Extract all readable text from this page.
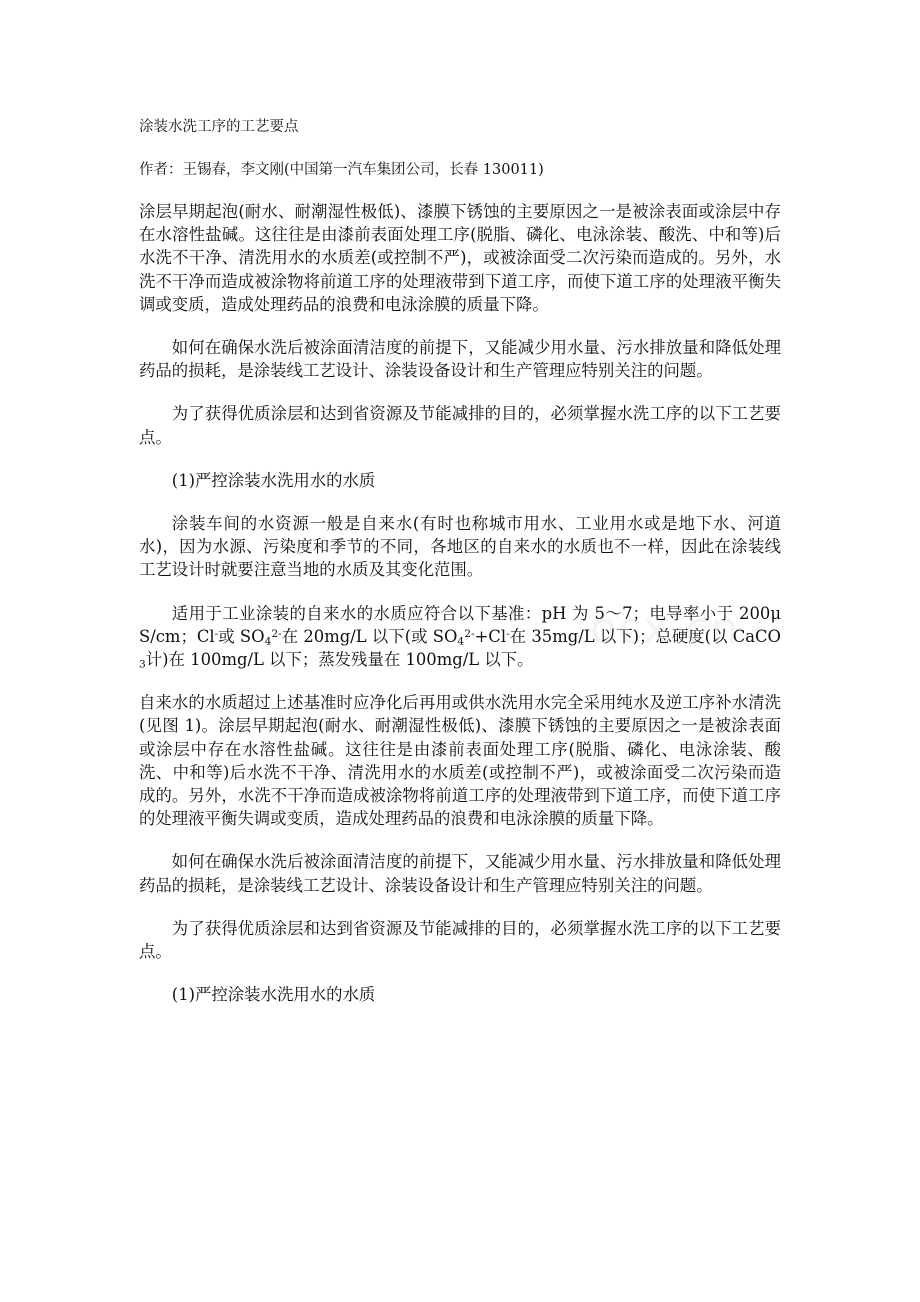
涂装水洗工序的工艺要点
作者：王锡春，李文刚(中国第一汽车集团公司，长春 130011)

涂层早期起泡(耐水、耐潮湿性极低)、漆膜下锈蚀的主要原因之一是被涂表面或涂层中存在水溶性盐碱。这往往是由漆前表面处理工序(脱脂、磷化、电泳涂装、酸洗、中和等)后水洗不干净、清洗用水的水质差(或控制不严)，或被涂面受二次污染而造成的。另外，水洗不干净而造成被涂物将前道工序的处理液带到下道工序，而使下道工序的处理液平衡失调或变质，造成处理药品的浪费和电泳涂膜的质量下降。

如何在确保水洗后被涂面清洁度的前提下，又能减少用水量、污水排放量和降低处理药品的损耗，是涂装线工艺设计、涂装设备设计和生产管理应特别关注的问题。

为了获得优质涂层和达到省资源及节能减排的目的，必须掌握水洗工序的以下工艺要点。

(1)严控涂装水洗用水的水质

涂装车间的水资源一般是自来水(有时也称城市用水、工业用水或是地下水、河道水)，因为水源、污染度和季节的不同，各地区的自来水的水质也不一样，因此在涂装线工艺设计时就要注意当地的水质及其变化范围。

适用于工业涂装的自来水的水质应符合以下基准：pH 为 5～7；电导率小于 200μS/cm；Cl-或 $SO_4^{2-}$在 20mg/L 以下(或 $SO_4^{2-}+Cl^-$在 35mg/L 以下)；总硬度(以 CaCO$_3$计)在 100mg/L 以下；蒸发残量在 100mg/L 以下。

自来水的水质超过上述基准时应净化后再用或供水洗用水完全采用纯水及逆工序补水清洗(见图 1)。涂层早期起泡(耐水、耐潮湿性极低)、漆膜下锈蚀的主要原因之一是被涂表面或涂层中存在水溶性盐碱。这往往是由漆前表面处理工序(脱脂、磷化、电泳涂装、酸洗、中和等)后水洗不干净、清洗用水的水质差(或控制不严)，或被涂面受二次污染而造成的。另外，水洗不干净而造成被涂物将前道工序的处理液带到下道工序，而使下道工序的处理液平衡失调或变质，造成处理药品的浪费和电泳涂膜的质量下降。

如何在确保水洗后被涂面清洁度的前提下，又能减少用水量、污水排放量和降低处理药品的损耗，是涂装线工艺设计、涂装设备设计和生产管理应特别关注的问题。

为了获得优质涂层和达到省资源及节能减排的目的，必须掌握水洗工序的以下工艺要点。

(1)严控涂装水洗用水的水质
